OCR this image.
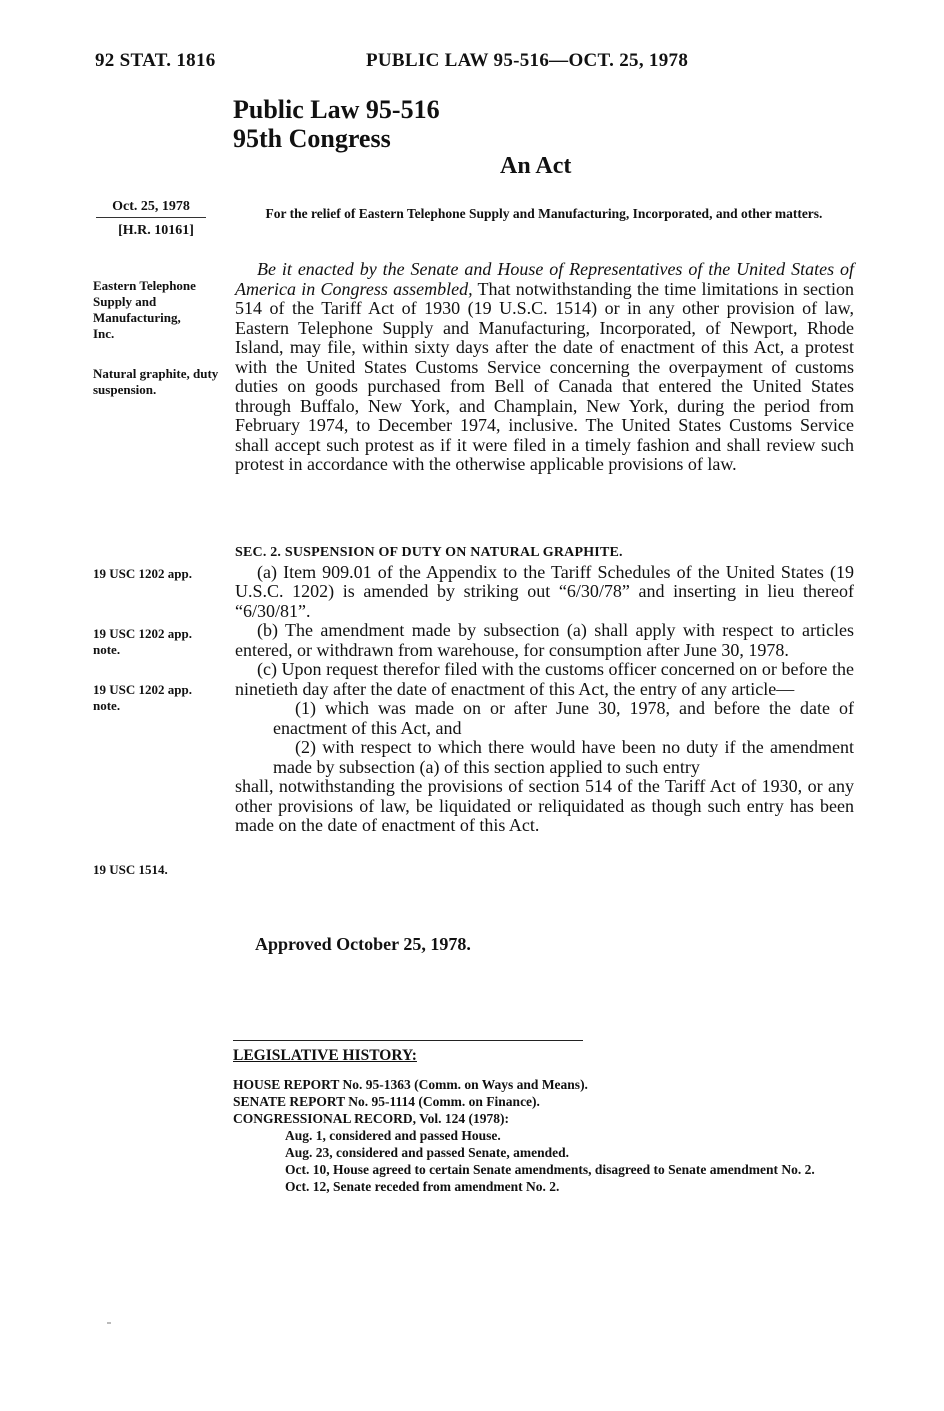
92 STAT. 1816	PUBLIC LAW 95-516—OCT. 25, 1978
Public Law 95-516
95th Congress
An Act
Oct. 25, 1978
[H.R. 10161]
For the relief of Eastern Telephone Supply and Manufacturing, Incorporated, and other matters.
Eastern Telephone Supply and Manufacturing, Inc.
Natural graphite, duty suspension.
19 USC 1202 app.
19 USC 1202 app. note.
19 USC 1202 app. note.
19 USC 1514.
Be it enacted by the Senate and House of Representatives of the United States of America in Congress assembled, That notwithstanding the time limitations in section 514 of the Tariff Act of 1930 (19 U.S.C. 1514) or in any other provision of law, Eastern Telephone Supply and Manufacturing, Incorporated, of Newport, Rhode Island, may file, within sixty days after the date of enactment of this Act, a protest with the United States Customs Service concerning the overpayment of customs duties on goods purchased from Bell of Canada that entered the United States through Buffalo, New York, and Champlain, New York, during the period from February 1974, to December 1974, inclusive. The United States Customs Service shall accept such protest as if it were filed in a timely fashion and shall review such protest in accordance with the otherwise applicable provisions of law.
SEC. 2. SUSPENSION OF DUTY ON NATURAL GRAPHITE.
(a) Item 909.01 of the Appendix to the Tariff Schedules of the United States (19 U.S.C. 1202) is amended by striking out “6/30/78” and inserting in lieu thereof “6/30/81”.
(b) The amendment made by subsection (a) shall apply with respect to articles entered, or withdrawn from warehouse, for consumption after June 30, 1978.
(c) Upon request therefor filed with the customs officer concerned on or before the ninetieth day after the date of enactment of this Act, the entry of any article—
(1) which was made on or after June 30, 1978, and before the date of enactment of this Act, and
(2) with respect to which there would have been no duty if the amendment made by subsection (a) of this section applied to such entry
shall, notwithstanding the provisions of section 514 of the Tariff Act of 1930, or any other provisions of law, be liquidated or reliquidated as though such entry has been made on the date of enactment of this Act.
Approved October 25, 1978.
LEGISLATIVE HISTORY:
HOUSE REPORT No. 95-1363 (Comm. on Ways and Means).
SENATE REPORT No. 95-1114 (Comm. on Finance).
CONGRESSIONAL RECORD, Vol. 124 (1978):
Aug. 1, considered and passed House.
Aug. 23, considered and passed Senate, amended.
Oct. 10, House agreed to certain Senate amendments, disagreed to Senate amendment No. 2.
Oct. 12, Senate receded from amendment No. 2.
